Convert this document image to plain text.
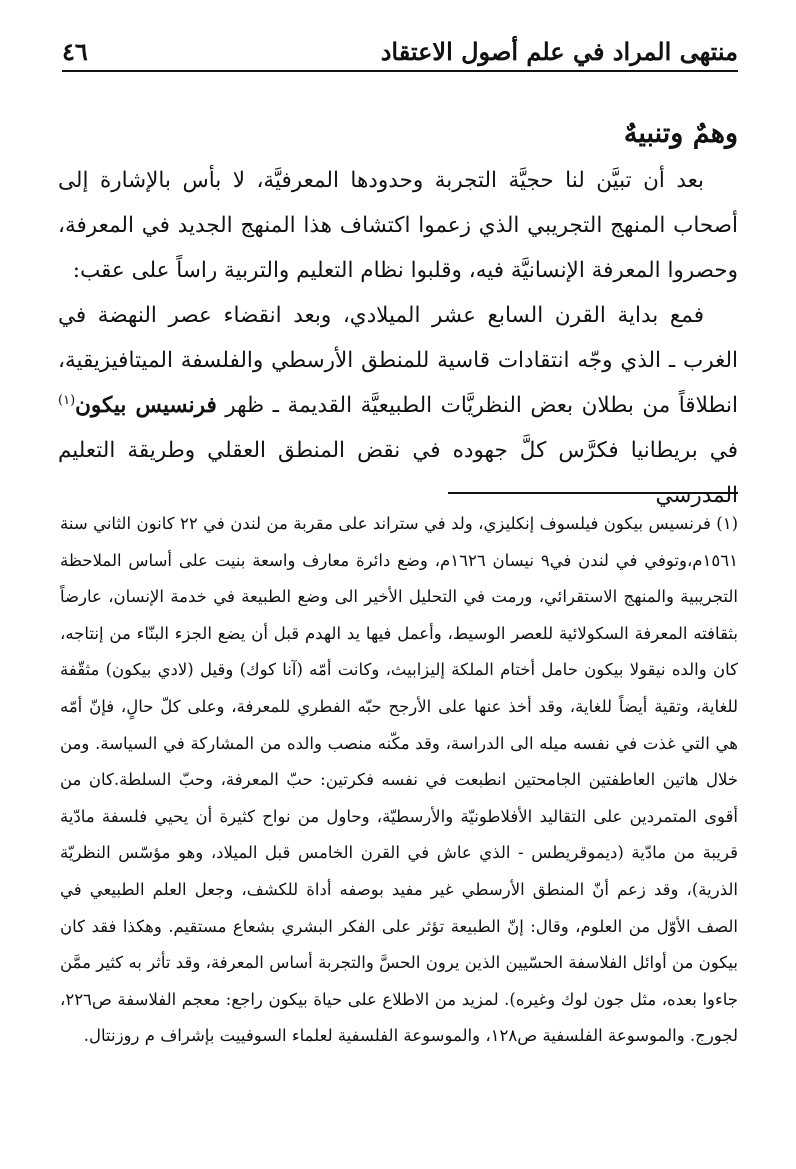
منتهى المراد في علم أصول الاعتقاد
٤٦
وهمٌ وتنبيهٌ

بعد أن تبيَّن لنا حجيَّة التجربة وحدودها المعرفيَّة، لا بأس بالإشارة إلى أصحاب المنهج التجريبي الذي زعموا اكتشاف هذا المنهج الجديد في المعرفة، وحصروا المعرفة الإنسانيَّة فيه، وقلبوا نظام التعليم والتربية راساً على عقب:

فمع بداية القرن السابع عشر الميلادي، وبعد انقضاء عصر النهضة في الغرب ـ الذي وجّه انتقادات قاسية للمنطق الأرسطي والفلسفة الميتافيزيقية، انطلاقاً من بطلان بعض النظريَّات الطبيعيَّة القديمة ـ ظهر فرنسيس بيكون$^{(١)}$ في بريطانيا فكرَّس كلَّ جهوده في نقض المنطق العقلي وطريقة التعليم المدرسي

(١) فرنسيس بيكون فيلسوف إنكليزي، ولد في ستراند على مقربة من لندن في ٢٢ كانون الثاني سنة ١٥٦١م،وتوفي في لندن في٩ نيسان ١٦٢٦م، وضع دائرة معارف واسعة بنيت على أساس الملاحظة التجريبية والمنهج الاستقرائي، ورمت في التحليل الأخير الى وضع الطبيعة في خدمة الإنسان، عارضاً بثقافته المعرفة السكولائية للعصر الوسيط، وأعمل فيها يد الهدم قبل أن يضع الجزء البنّاء من إنتاجه، كان والده نيقولا بيكون حامل أختام الملكة إليزابيث، وكانت أمّه (آنا كوك) وقيل (لادي بيكون) مثقّفة للغاية، وتقية أيضاً للغاية، وقد أخذ عنها على الأرجح حبّه الفطري للمعرفة، وعلى كلّ حالٍ، فإنّ أمّه هي التي غذت في نفسه ميله الى الدراسة، وقد مكّنه منصب والده من المشاركة في السياسة. ومن خلال هاتين العاطفتين الجامحتين انطبعت في نفسه فكرتين: حبّ المعرفة، وحبّ السلطة.كان من أقوى المتمردين على التقاليد الأفلاطونيّة والأرسطيّة، وحاول من نواح كثيرة أن يحيي فلسفة مادّية قريبة من مادّية (ديموقريطس - الذي عاش في القرن الخامس قبل الميلاد، وهو مؤسّس النظريّة الذرية)، وقد زعم أنّ المنطق الأرسطي غير مفيد بوصفه أداة للكشف، وجعل العلم الطبيعي في الصف الأوّل من العلوم، وقال: إنّ الطبيعة تؤثر على الفكر البشري بشعاع مستقيم. وهكذا فقد كان بيكون من أوائل الفلاسفة الحسّيين الذين يرون الحسَّ والتجربة أساس المعرفة، وقد تأثر به كثير ممَّن جاءوا بعده، مثل جون لوك وغيره). لمزيد من الاطلاع على حياة بيكون راجع: معجم الفلاسفة ص٢٢٦، لجورج. والموسوعة الفلسفية ص١٢٨، والموسوعة الفلسفية لعلماء السوفييت بإشراف م روزنتال.
